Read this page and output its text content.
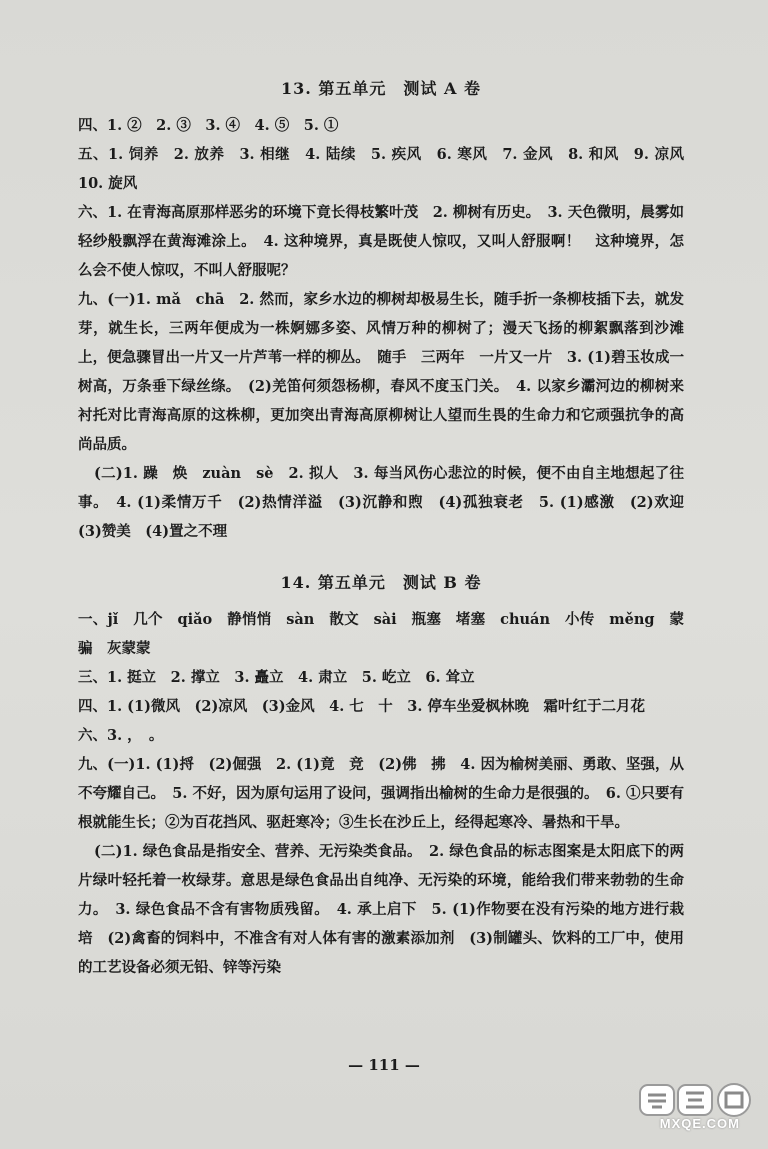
13. 第五单元　测试 A 卷

四、1. ②　2. ③　3. ④　4. ⑤　5. ①

五、1. 饲养　2. 放养　3. 相继　4. 陆续　5. 疾风　6. 寒风　7. 金风　8. 和风　9. 凉风　10. 旋风

六、1. 在青海高原那样恶劣的环境下竟长得枝繁叶茂　2. 柳树有历史。　3. 天色微明，晨雾如轻纱般飘浮在黄海滩涂上。　4. 这种境界，真是既使人惊叹，又叫人舒服啊！　这种境界，怎么会不使人惊叹，不叫人舒服呢？

九、(一)1. mǎ　chā　2. 然而，家乡水边的柳树却极易生长，随手折一条柳枝插下去，就发芽，就生长，三两年便成为一株婀娜多姿、风情万种的柳树了；漫天飞扬的柳絮飘落到沙滩上，便急骤冒出一片又一片芦苇一样的柳丛。　随手　三两年　一片又一片　3. (1)碧玉妆成一树高，万条垂下绿丝绦。　(2)羌笛何须怨杨柳，春风不度玉门关。　4. 以家乡灞河边的柳树来衬托对比青海高原的这株柳，更加突出青海高原柳树让人望而生畏的生命力和它顽强抗争的高尚品质。

(二)1. 躁　焕　zuàn　sè　2. 拟人　3. 每当风伤心悲泣的时候，便不由自主地想起了往事。　4. (1)柔情万千　(2)热情洋溢　(3)沉静和煦　(4)孤独衰老　5. (1)感激　(2)欢迎　(3)赞美　(4)置之不理

14. 第五单元　测试 B 卷

一、jǐ　几个　qiǎo　静悄悄　sàn　散文　sài　瓶塞　堵塞　chuán　小传　měng　蒙骗　灰蒙蒙

三、1. 挺立　2. 撑立　3. 矗立　4. 肃立　5. 屹立　6. 耸立

四、1. (1)微风　(2)凉风　(3)金风　4. 七　十　3. 停车坐爱枫林晚　霜叶红于二月花

六、3. ，　。

九、(一)1. (1)捋　(2)倔强　2. (1)竟　竞　(2)佛　拂　4. 因为榆树美丽、勇敢、坚强，从不夸耀自己。　5. 不好，因为原句运用了设问，强调指出榆树的生命力是很强的。　6. ①只要有根就能生长；②为百花挡风、驱赶寒冷；③生长在沙丘上，经得起寒冷、暑热和干旱。

(二)1. 绿色食品是指安全、营养、无污染类食品。　2. 绿色食品的标志图案是太阳底下的两片绿叶轻托着一枚绿芽。意思是绿色食品出自纯净、无污染的环境，能给我们带来勃勃的生命力。　3. 绿色食品不含有害物质残留。　4. 承上启下　5. (1)作物要在没有污染的地方进行栽培　(2)禽畜的饲料中，不准含有对人体有害的激素添加剂　(3)制罐头、饮料的工厂中，使用的工艺设备必须无铅、锌等污染

— 111 —
MXQE.COM
